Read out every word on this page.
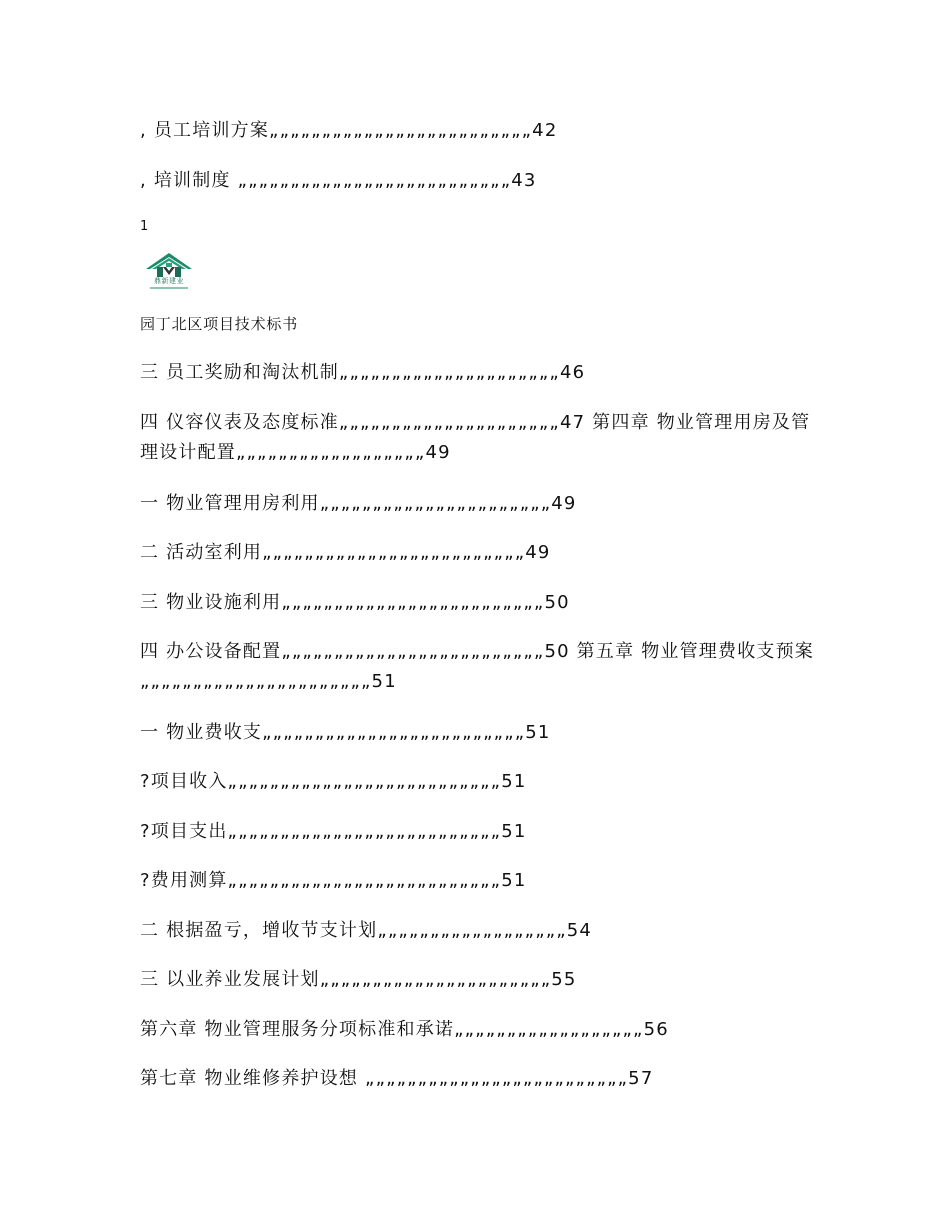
, 员工培训方案„„„„„„„„„„„„„„„„„„„„„„„„„42
, 培训制度 „„„„„„„„„„„„„„„„„„„„„„„„„„43
1
鼎新建业
园丁北区项目技术标书
三 员工奖励和淘汰机制„„„„„„„„„„„„„„„„„„„„„46
四 仪容仪表及态度标准„„„„„„„„„„„„„„„„„„„„„47 第四章 物业管理用房及管理设计配置„„„„„„„„„„„„„„„„„„49
一 物业管理用房利用„„„„„„„„„„„„„„„„„„„„„„49
二 活动室利用„„„„„„„„„„„„„„„„„„„„„„„„„49
三 物业设施利用„„„„„„„„„„„„„„„„„„„„„„„„„50
四 办公设备配置„„„„„„„„„„„„„„„„„„„„„„„„„50 第五章 物业管理费收支预案„„„„„„„„„„„„„„„„„„„„„„51
一 物业费收支„„„„„„„„„„„„„„„„„„„„„„„„„51
?项目收入„„„„„„„„„„„„„„„„„„„„„„„„„„51
?项目支出„„„„„„„„„„„„„„„„„„„„„„„„„„51
?费用测算„„„„„„„„„„„„„„„„„„„„„„„„„„51
二 根据盈亏，增收节支计划„„„„„„„„„„„„„„„„„„54
三 以业养业发展计划„„„„„„„„„„„„„„„„„„„„„„55
第六章 物业管理服务分项标准和承诺„„„„„„„„„„„„„„„„„„56
第七章 物业维修养护设想 „„„„„„„„„„„„„„„„„„„„„„„„„57
